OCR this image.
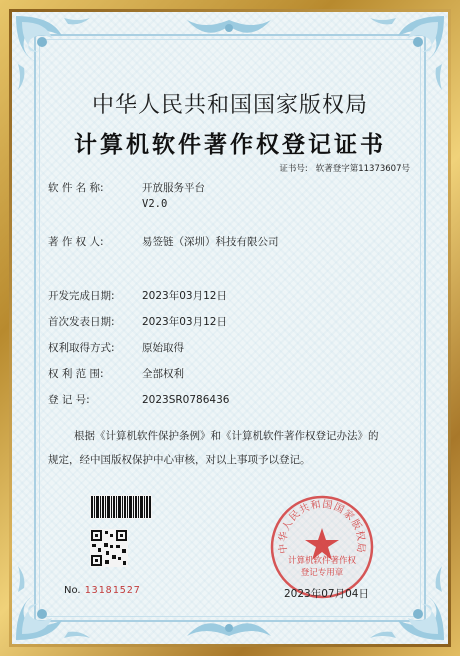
中华人民共和国国家版权局
计算机软件著作权登记证书
证书号: 软著登字第11373607号
软 件 名 称:	开放服务平台
V2.0
著 作 权 人:	易签链（深圳）科技有限公司
开发完成日期:	2023年03月12日
首次发表日期:	2023年03月12日
权利取得方式:	原始取得
权 利 范 围:	全部权利
登 记 号:	2023SR0786436
根据《计算机软件保护条例》和《计算机软件著作权登记办法》的
规定，经中国版权保护中心审核，对以上事项予以登记。
No. 13181527
中华人民共和国国家版权局
计算机软件著作权
登记专用章
2023年07月04日
